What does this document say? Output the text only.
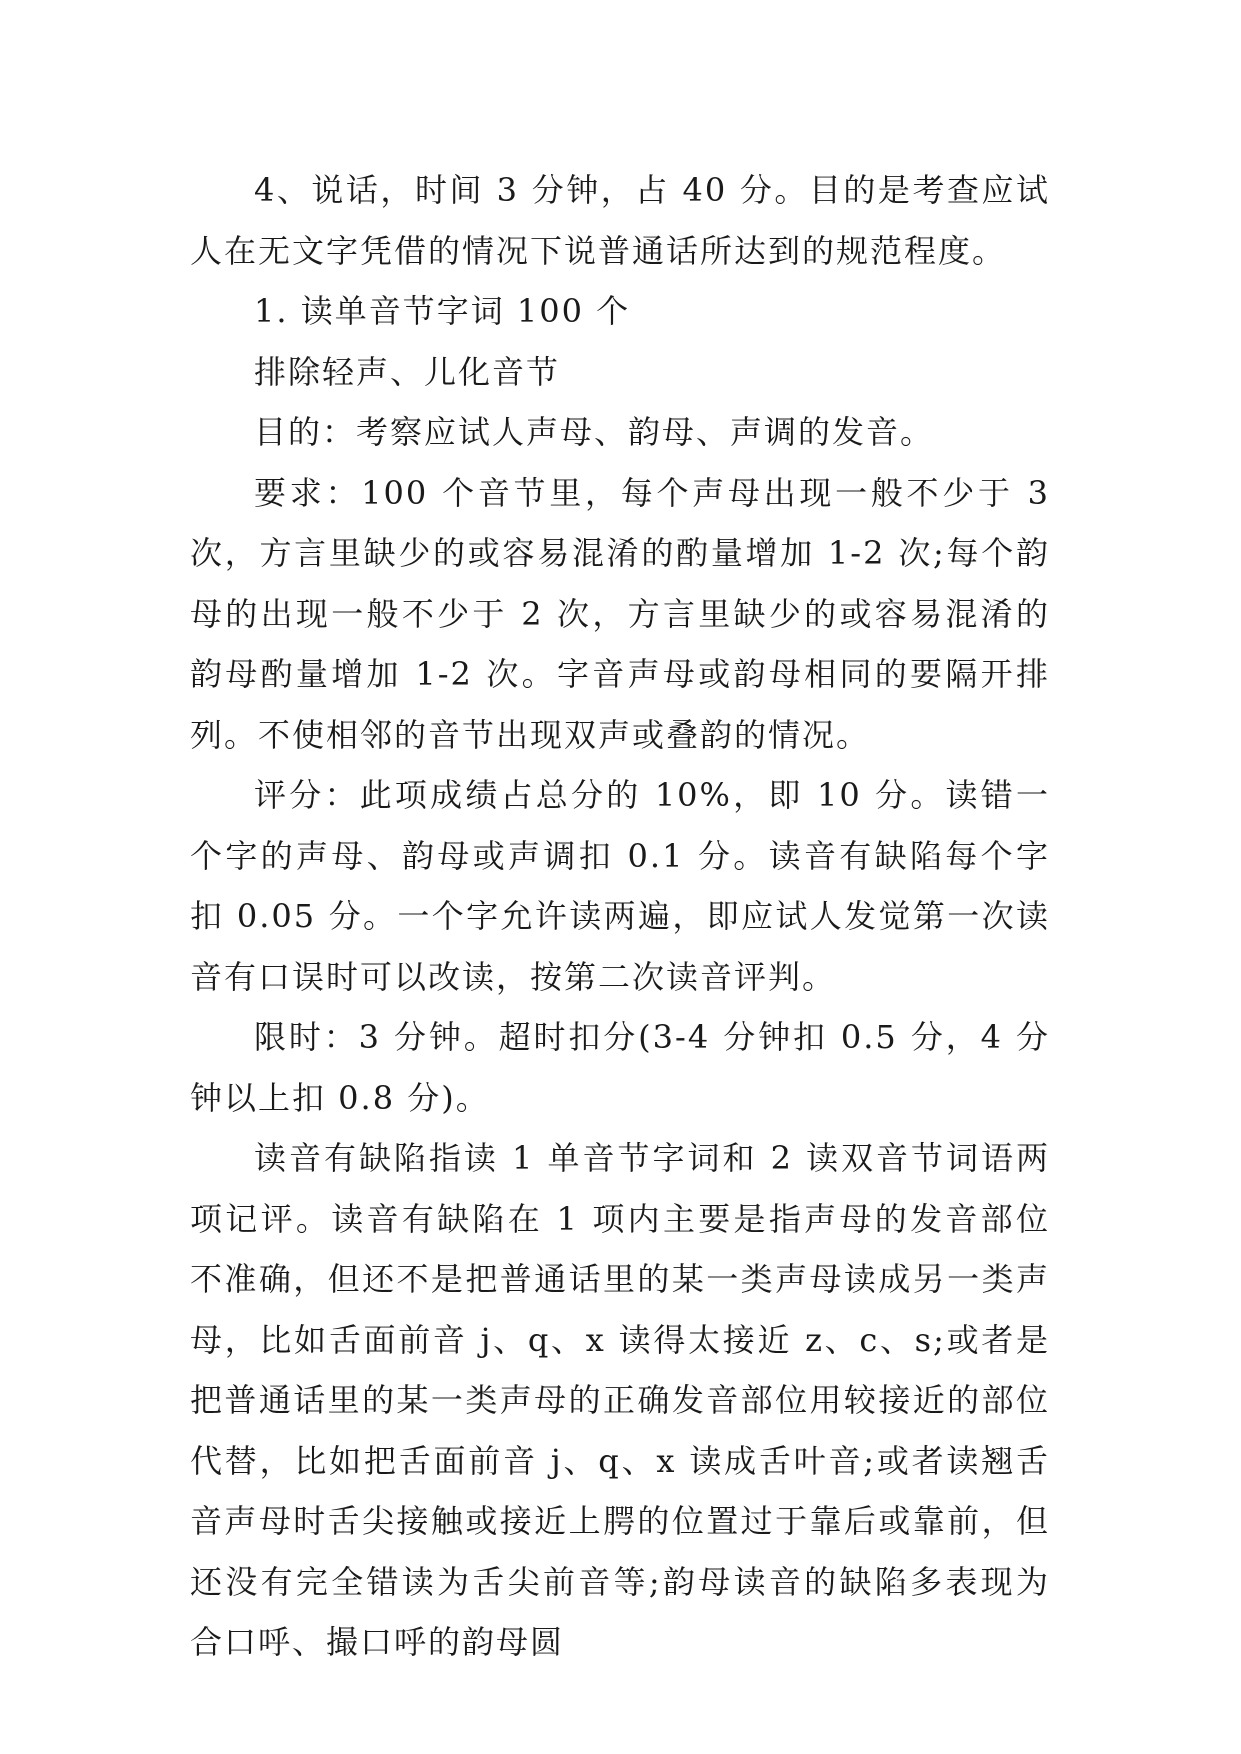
4、说话，时间 3 分钟，占 40 分。目的是考查应试人在无文字凭借的情况下说普通话所达到的规范程度。

1. 读单音节字词 100 个

排除轻声、儿化音节

目的：考察应试人声母、韵母、声调的发音。

要求：100 个音节里，每个声母出现一般不少于 3 次，方言里缺少的或容易混淆的酌量增加 1-2 次;每个韵母的出现一般不少于 2 次，方言里缺少的或容易混淆的韵母酌量增加 1-2 次。字音声母或韵母相同的要隔开排列。不使相邻的音节出现双声或叠韵的情况。

评分：此项成绩占总分的 10%，即 10 分。读错一个字的声母、韵母或声调扣 0.1 分。读音有缺陷每个字扣 0.05 分。一个字允许读两遍，即应试人发觉第一次读音有口误时可以改读，按第二次读音评判。

限时：3 分钟。超时扣分(3-4 分钟扣 0.5 分，4 分钟以上扣 0.8 分)。

读音有缺陷指读 1 单音节字词和 2 读双音节词语两项记评。读音有缺陷在 1 项内主要是指声母的发音部位不准确，但还不是把普通话里的某一类声母读成另一类声母，比如舌面前音 j、q、x 读得太接近 z、c、s;或者是把普通话里的某一类声母的正确发音部位用较接近的部位代替，比如把舌面前音 j、q、x 读成舌叶音;或者读翘舌音声母时舌尖接触或接近上腭的位置过于靠后或靠前，但还没有完全错读为舌尖前音等;韵母读音的缺陷多表现为合口呼、撮口呼的韵母圆
